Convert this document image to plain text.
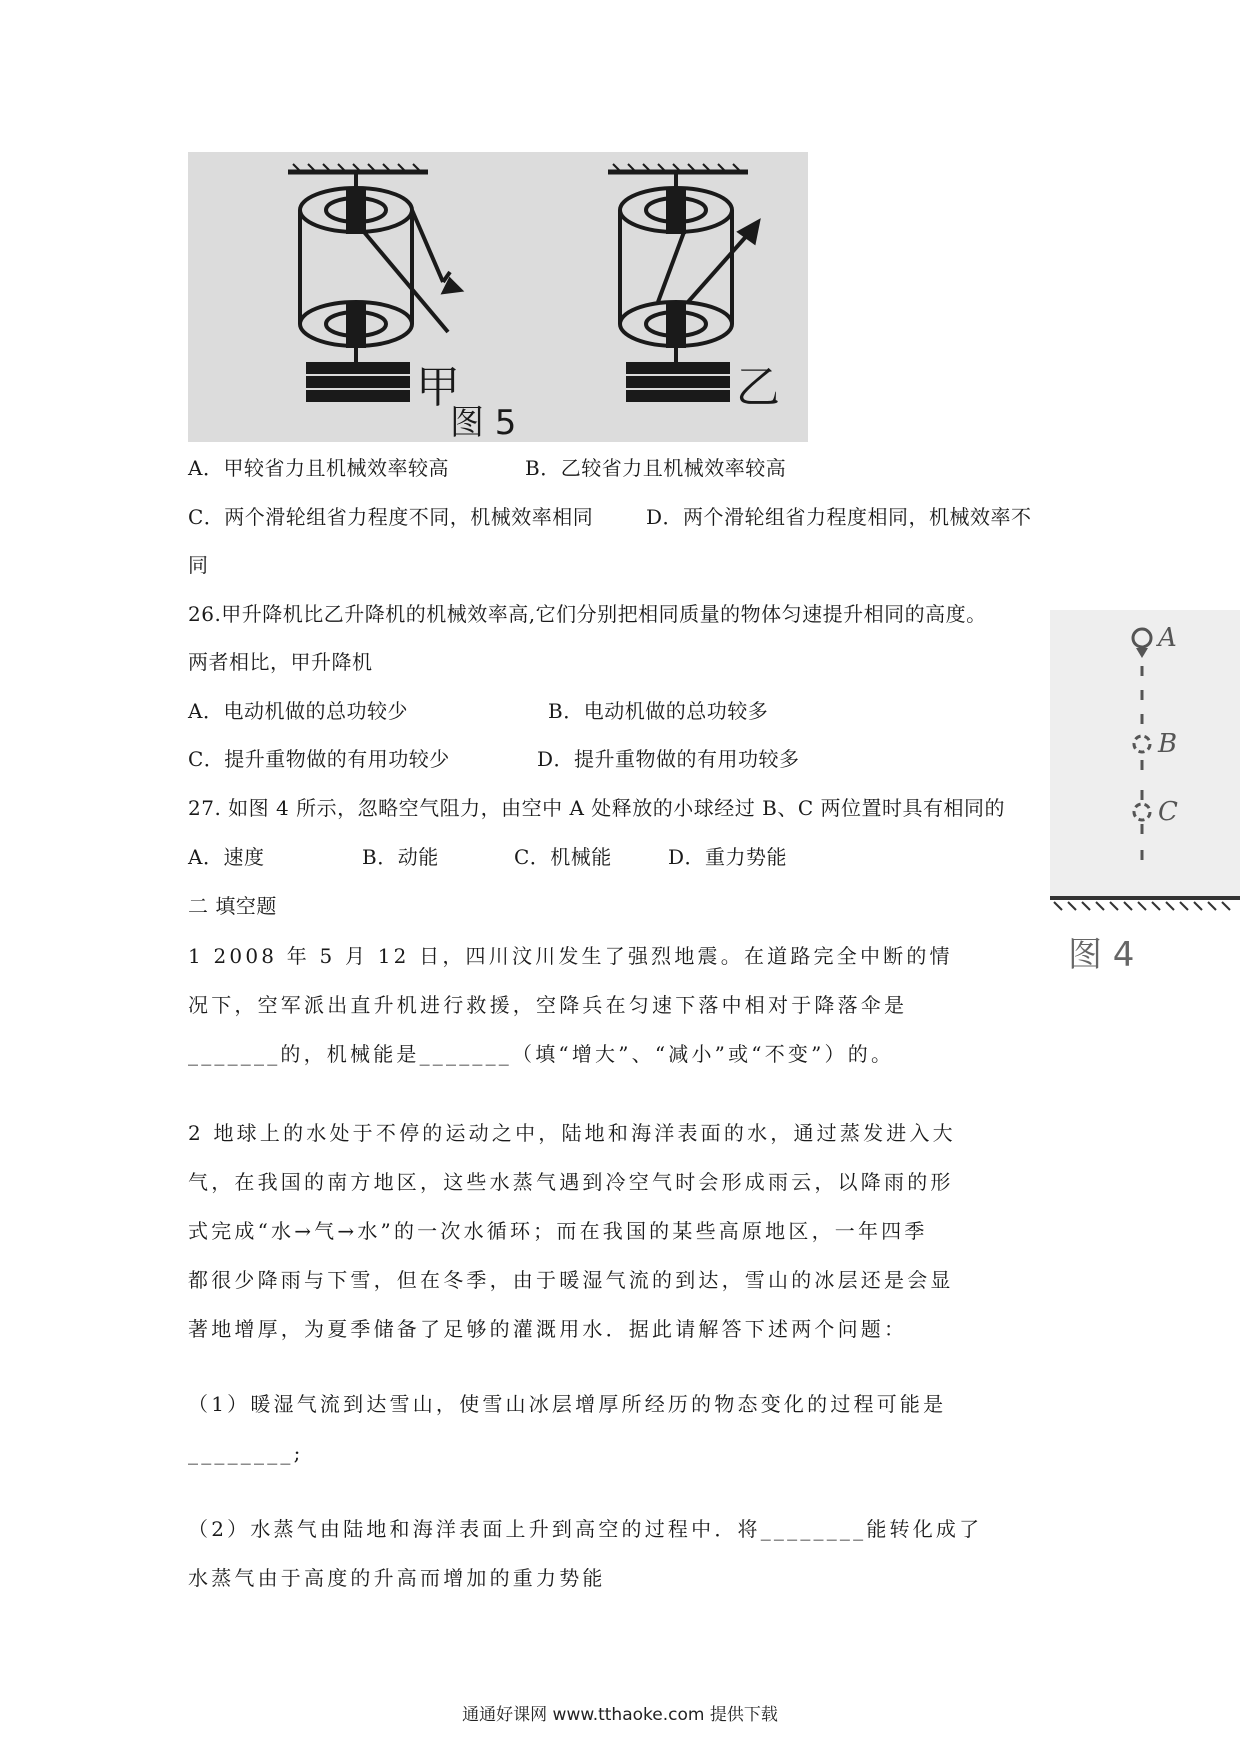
甲	乙
图 5
A
B
C
图 4
A．甲较省力且机械效率较高	B．乙较省力且机械效率较高
C．两个滑轮组省力程度不同，机械效率相同	D．两个滑轮组省力程度相同，机械效率不
同
26.甲升降机比乙升降机的机械效率高,它们分别把相同质量的物体匀速提升相同的高度。
两者相比，甲升降机
A．电动机做的总功较少	B．电动机做的总功较多
C．提升重物做的有用功较少	D．提升重物做的有用功较多
27. 如图 4 所示，忽略空气阻力，由空中 A 处释放的小球经过 B、C 两位置时具有相同的
A．速度	B．动能	C．机械能	D．重力势能
二 填空题
1 2008 年 5 月 12 日，四川汶川发生了强烈地震。在道路完全中断的情
况下，空军派出直升机进行救援，空降兵在匀速下落中相对于降落伞是
_______的，机械能是_______（填“增大”、“减小”或“不变”）的。
2 地球上的水处于不停的运动之中，陆地和海洋表面的水，通过蒸发进入大
气，在我国的南方地区，这些水蒸气遇到冷空气时会形成雨云，以降雨的形
式完成“水→气→水”的一次水循环；而在我国的某些高原地区，一年四季
都很少降雨与下雪，但在冬季，由于暖湿气流的到达，雪山的冰层还是会显
著地增厚，为夏季储备了足够的灌溉用水．据此请解答下述两个问题：
（1）暖湿气流到达雪山，使雪山冰层增厚所经历的物态变化的过程可能是
________;
（2）水蒸气由陆地和海洋表面上升到高空的过程中．将________能转化成了
水蒸气由于高度的升高而增加的重力势能
通通好课网 www.tthaoke.com 提供下载
